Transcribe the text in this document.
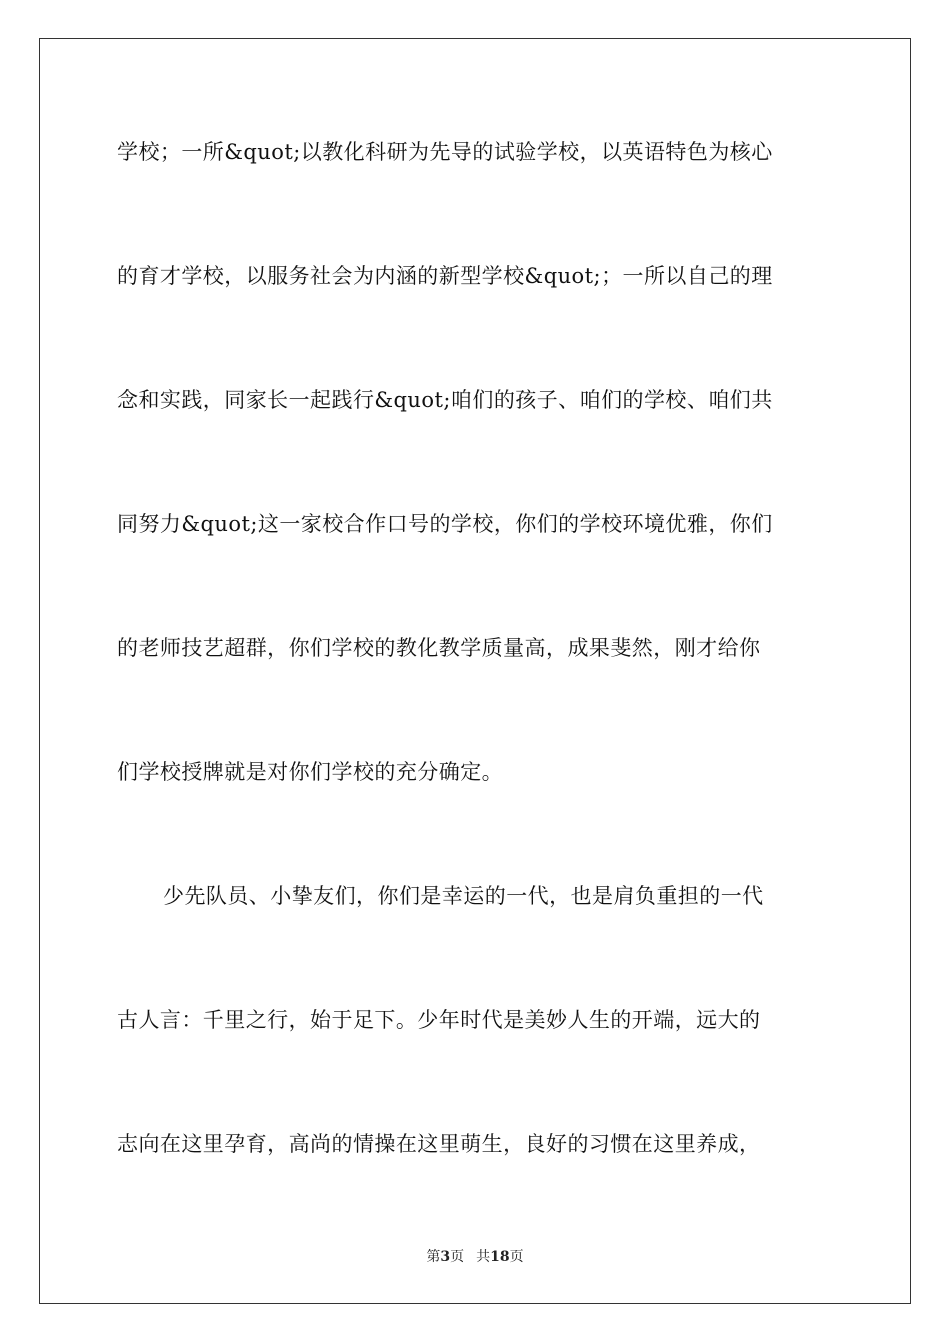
学校；一所&quot;以教化科研为先导的试验学校，以英语特色为核心

的育才学校，以服务社会为内涵的新型学校&quot;；一所以自己的理

念和实践，同家长一起践行&quot;咱们的孩子、咱们的学校、咱们共

同努力&quot;这一家校合作口号的学校，你们的学校环境优雅，你们

的老师技艺超群，你们学校的教化教学质量高，成果斐然，刚才给你

们学校授牌就是对你们学校的充分确定。

少先队员、小挚友们，你们是幸运的一代，也是肩负重担的一代

古人言：千里之行，始于足下。少年时代是美妙人生的开端，远大的

志向在这里孕育，高尚的情操在这里萌生，良好的习惯在这里养成，

第3页 共18页
